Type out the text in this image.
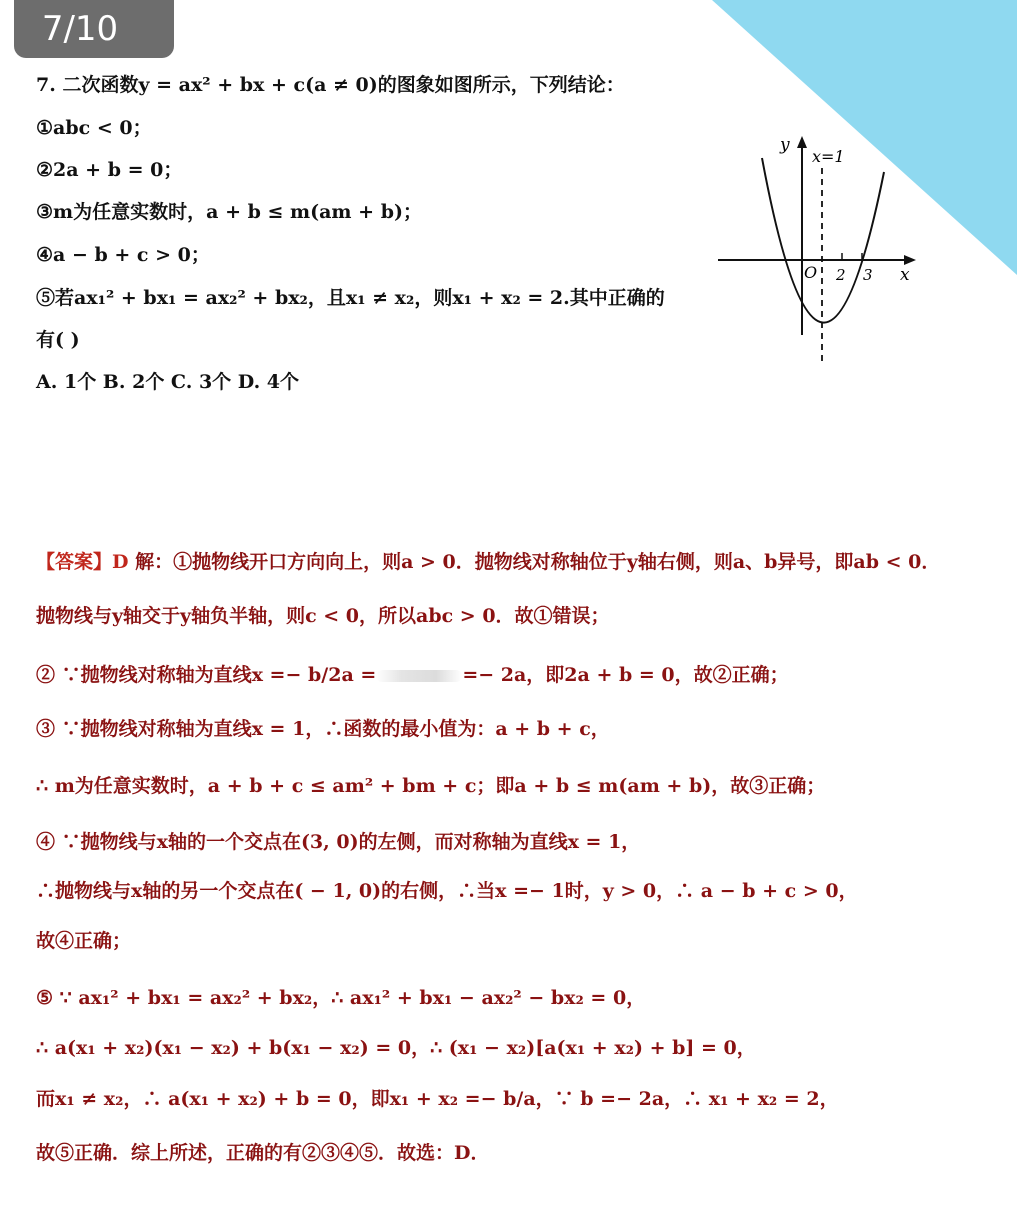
7/10
7. 二次函数y = ax² + bx + c(a ≠ 0)的图象如图所示，下列结论：
①abc < 0；
②2a + b = 0；
③m为任意实数时，a + b ≤ m(am + b)；
④a − b + c > 0；
⑤若ax₁² + bx₁ = ax₂² + bx₂，且x₁ ≠ x₂，则x₁ + x₂ = 2.其中正确的
有( )
A. 1个 B. 2个 C. 3个 D. 4个
y
x
O
x=1
2 3
【答案】D 解：①抛物线开口方向向上，则a > 0．抛物线对称轴位于y轴右侧，则a、b异号，即ab < 0．
抛物线与y轴交于y轴负半轴，则c < 0，所以abc > 0．故①错误；
② ∵抛物线对称轴为直线x =− b/2a =	=− 2a，即2a + b = 0，故②正确；
③ ∵抛物线对称轴为直线x = 1，∴函数的最小值为：a + b + c，
∴ m为任意实数时，a + b + c ≤ am² + bm + c；即a + b ≤ m(am + b)，故③正确；
④ ∵抛物线与x轴的一个交点在(3, 0)的左侧，而对称轴为直线x = 1，
∴抛物线与x轴的另一个交点在( − 1, 0)的右侧，∴当x =− 1时，y > 0，∴ a − b + c > 0，
故④正确；
⑤ ∵ ax₁² + bx₁ = ax₂² + bx₂，∴ ax₁² + bx₁ − ax₂² − bx₂ = 0，
∴ a(x₁ + x₂)(x₁ − x₂) + b(x₁ − x₂) = 0，∴ (x₁ − x₂)[a(x₁ + x₂) + b] = 0，
而x₁ ≠ x₂，∴ a(x₁ + x₂) + b = 0，即x₁ + x₂ =− b/a，∵ b =− 2a，∴ x₁ + x₂ = 2，
故⑤正确．综上所述，正确的有②③④⑤．故选：D．
